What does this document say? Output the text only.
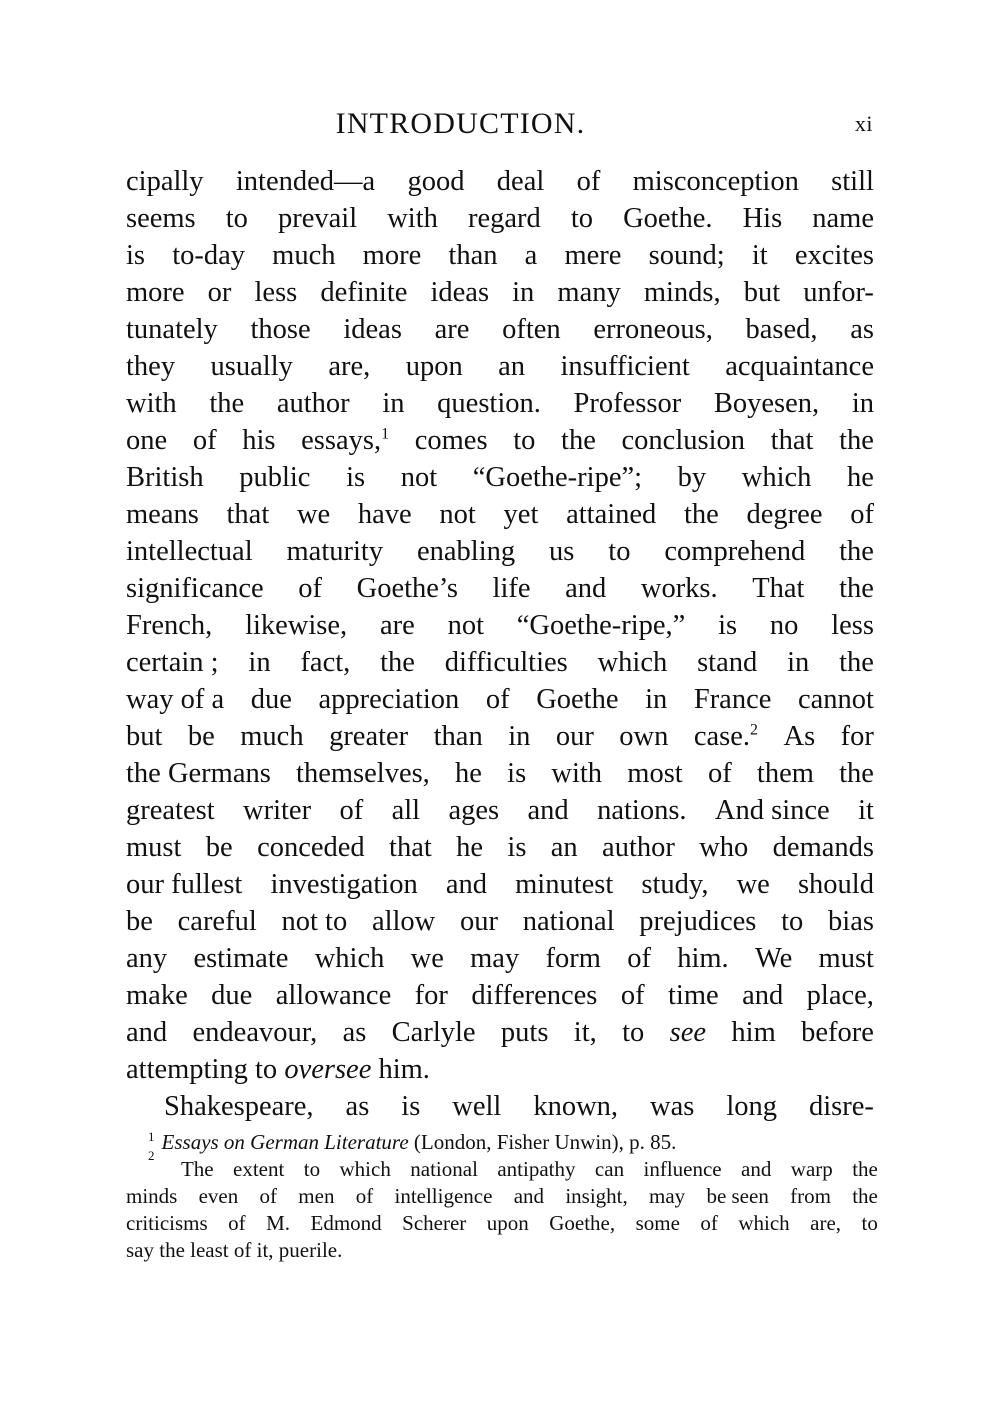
INTRODUCTION.	xi
cipally intended—a good deal of misconception still
seems to prevail with regard to Goethe. His name
is to-day much more than a mere sound; it excites
more or less definite ideas in many minds, but unfor-
tunately those ideas are often erroneous, based, as
they usually are, upon an insufficient acquaintance
with the author in question. Professor Boyesen, in
one of his essays,$^1$ comes to the conclusion that the
British public is not “Goethe-ripe”; by which he
means that we have not yet attained the degree of
intellectual maturity enabling us to comprehend the
significance of Goethe’s life and works. That the
French, likewise, are not “Goethe-ripe,” is no less
certain ; in fact, the difficulties which stand in the
way of a due appreciation of Goethe in France cannot
but be much greater than in our own case.$^2$ As for
the Germans themselves, he is with most of them the
greatest writer of all ages and nations. And since it
must be conceded that he is an author who demands
our fullest investigation and minutest study, we should
be careful not to allow our national prejudices to bias
any estimate which we may form of him. We must
make due allowance for differences of time and place,
and endeavour, as Carlyle puts it, to see him before
attempting to oversee him.
Shakespeare, as is well known, was long disre-
$^1$ Essays on German Literature (London, Fisher Unwin), p. 85.
2
The extent to which national antipathy can influence and warp the
minds even of men of intelligence and insight, may be seen from the
criticisms of M. Edmond Scherer upon Goethe, some of which are, to
say the least of it, puerile.
